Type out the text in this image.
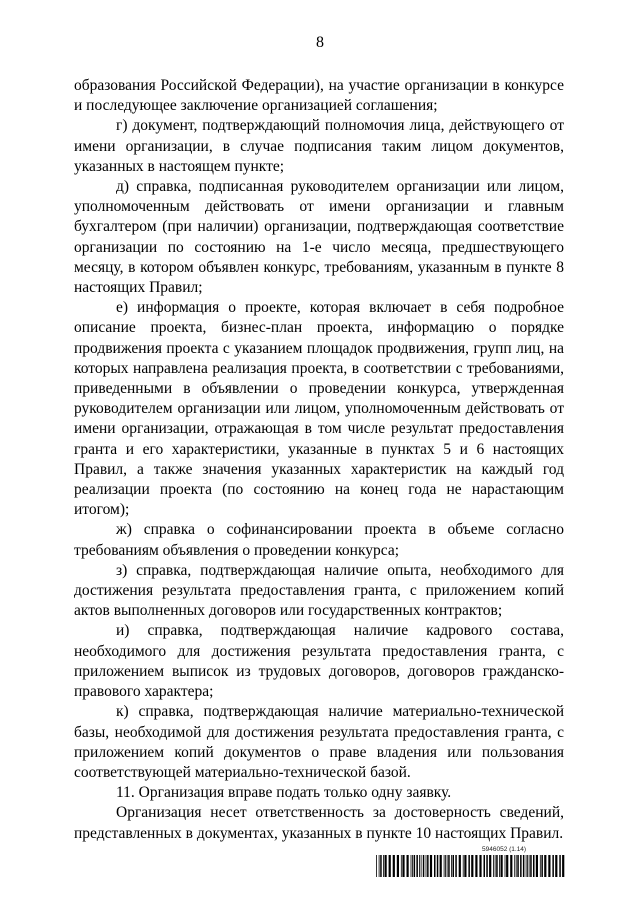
8

образования Российской Федерации), на участие организации в конкурсе и последующее заключение организацией соглашения;

г) документ, подтверждающий полномочия лица, действующего от имени организации, в случае подписания таким лицом документов, указанных в настоящем пункте;

д) справка, подписанная руководителем организации или лицом, уполномоченным действовать от имени организации и главным бухгалтером (при наличии) организации, подтверждающая соответствие организации по состоянию на 1-е число месяца, предшествующего месяцу, в котором объявлен конкурс, требованиям, указанным в пункте 8 настоящих Правил;

е) информация о проекте, которая включает в себя подробное описание проекта, бизнес-план проекта, информацию о порядке продвижения проекта с указанием площадок продвижения, групп лиц, на которых направлена реализация проекта, в соответствии с требованиями, приведенными в объявлении о проведении конкурса, утвержденная руководителем организации или лицом, уполномоченным действовать от имени организации, отражающая в том числе результат предоставления гранта и его характеристики, указанные в пунктах 5 и 6 настоящих Правил, а также значения указанных характеристик на каждый год реализации проекта (по состоянию на конец года не нарастающим итогом);

ж) справка о софинансировании проекта в объеме согласно требованиям объявления о проведении конкурса;

з) справка, подтверждающая наличие опыта, необходимого для достижения результата предоставления гранта, с приложением копий актов выполненных договоров или государственных контрактов;

и) справка, подтверждающая наличие кадрового состава, необходимого для достижения результата предоставления гранта, с приложением выписок из трудовых договоров, договоров гражданско-правового характера;

к) справка, подтверждающая наличие материально-технической базы, необходимой для достижения результата предоставления гранта, с приложением копий документов о праве владения или пользования соответствующей материально-технической базой.

11. Организация вправе подать только одну заявку.

Организация несет ответственность за достоверность сведений, представленных в документах, указанных в пункте 10 настоящих Правил.

5946052 (1.14)
